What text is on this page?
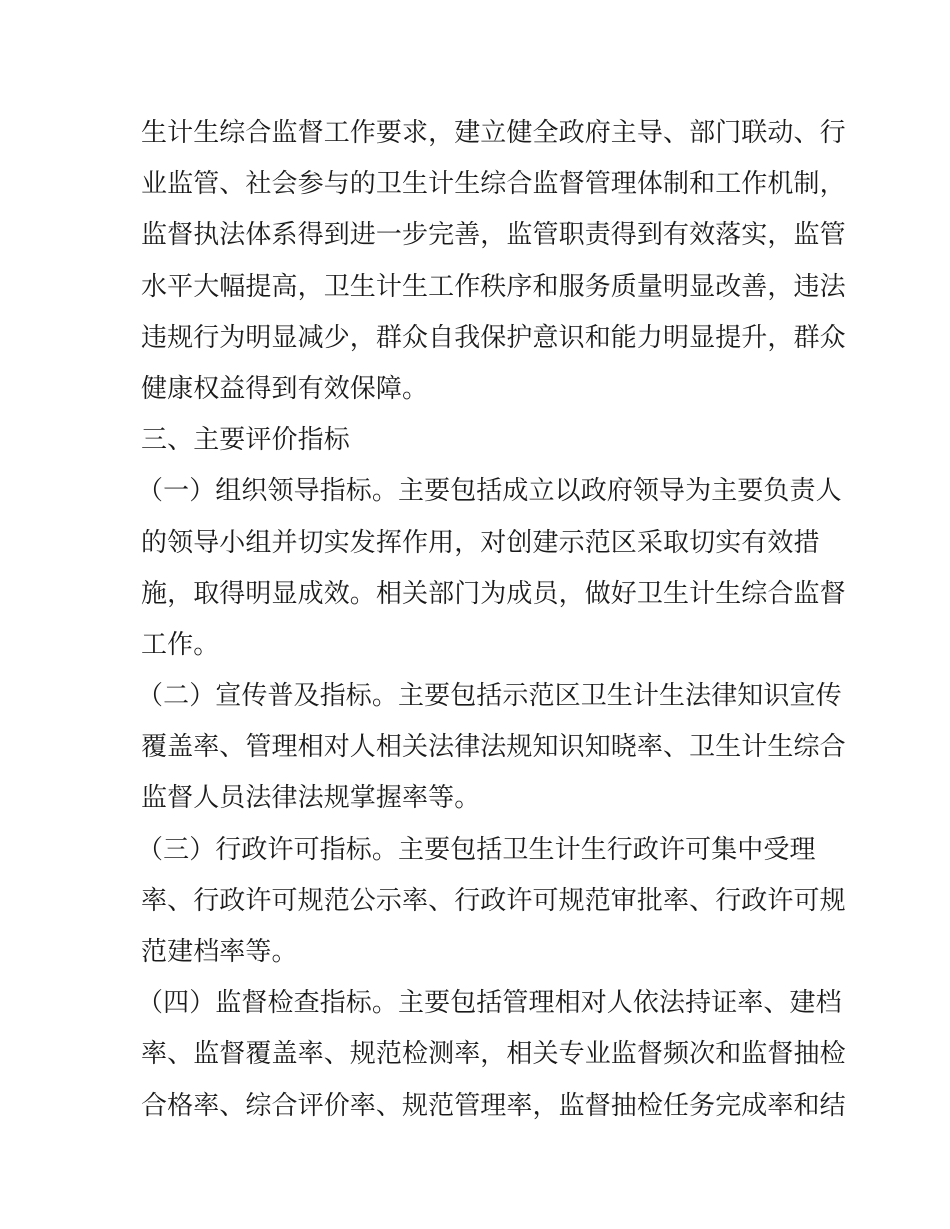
生计生综合监督工作要求，建立健全政府主导、部门联动、行
业监管、社会参与的卫生计生综合监督管理体制和工作机制，
监督执法体系得到进一步完善，监管职责得到有效落实，监管
水平大幅提高，卫生计生工作秩序和服务质量明显改善，违法
违规行为明显减少，群众自我保护意识和能力明显提升，群众
健康权益得到有效保障。
三、主要评价指标
（一）组织领导指标。主要包括成立以政府领导为主要负责人
的领导小组并切实发挥作用，对创建示范区采取切实有效措
施，取得明显成效。相关部门为成员，做好卫生计生综合监督
工作。
（二）宣传普及指标。主要包括示范区卫生计生法律知识宣传
覆盖率、管理相对人相关法律法规知识知晓率、卫生计生综合
监督人员法律法规掌握率等。
（三）行政许可指标。主要包括卫生计生行政许可集中受理
率、行政许可规范公示率、行政许可规范审批率、行政许可规
范建档率等。
（四）监督检查指标。主要包括管理相对人依法持证率、建档
率、监督覆盖率、规范检测率，相关专业监督频次和监督抽检
合格率、综合评价率、规范管理率，监督抽检任务完成率和结
